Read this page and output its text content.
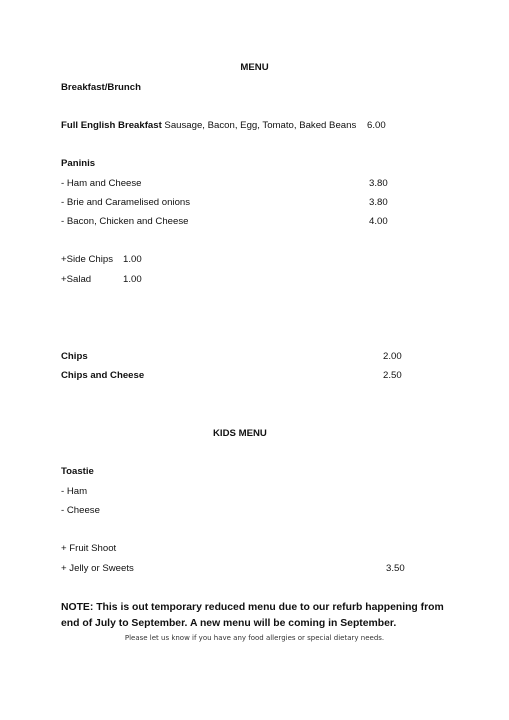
MENU
Breakfast/Brunch
Full English Breakfast Sausage, Bacon, Egg, Tomato, Baked Beans 6.00
Paninis
- Ham and Cheese	3.80
- Brie and Caramelised onions	3.80
- Bacon, Chicken and Cheese	4.00
+Side Chips 1.00
+Salad	1.00
Chips	2.00
Chips and Cheese	2.50
KIDS MENU
Toastie
- Ham
- Cheese
+ Fruit Shoot
+ Jelly or Sweets	3.50
NOTE: This is out temporary reduced menu due to our refurb happening from end of July to September. A new menu will be coming in September.
Please let us know if you have any food allergies or special dietary needs.
